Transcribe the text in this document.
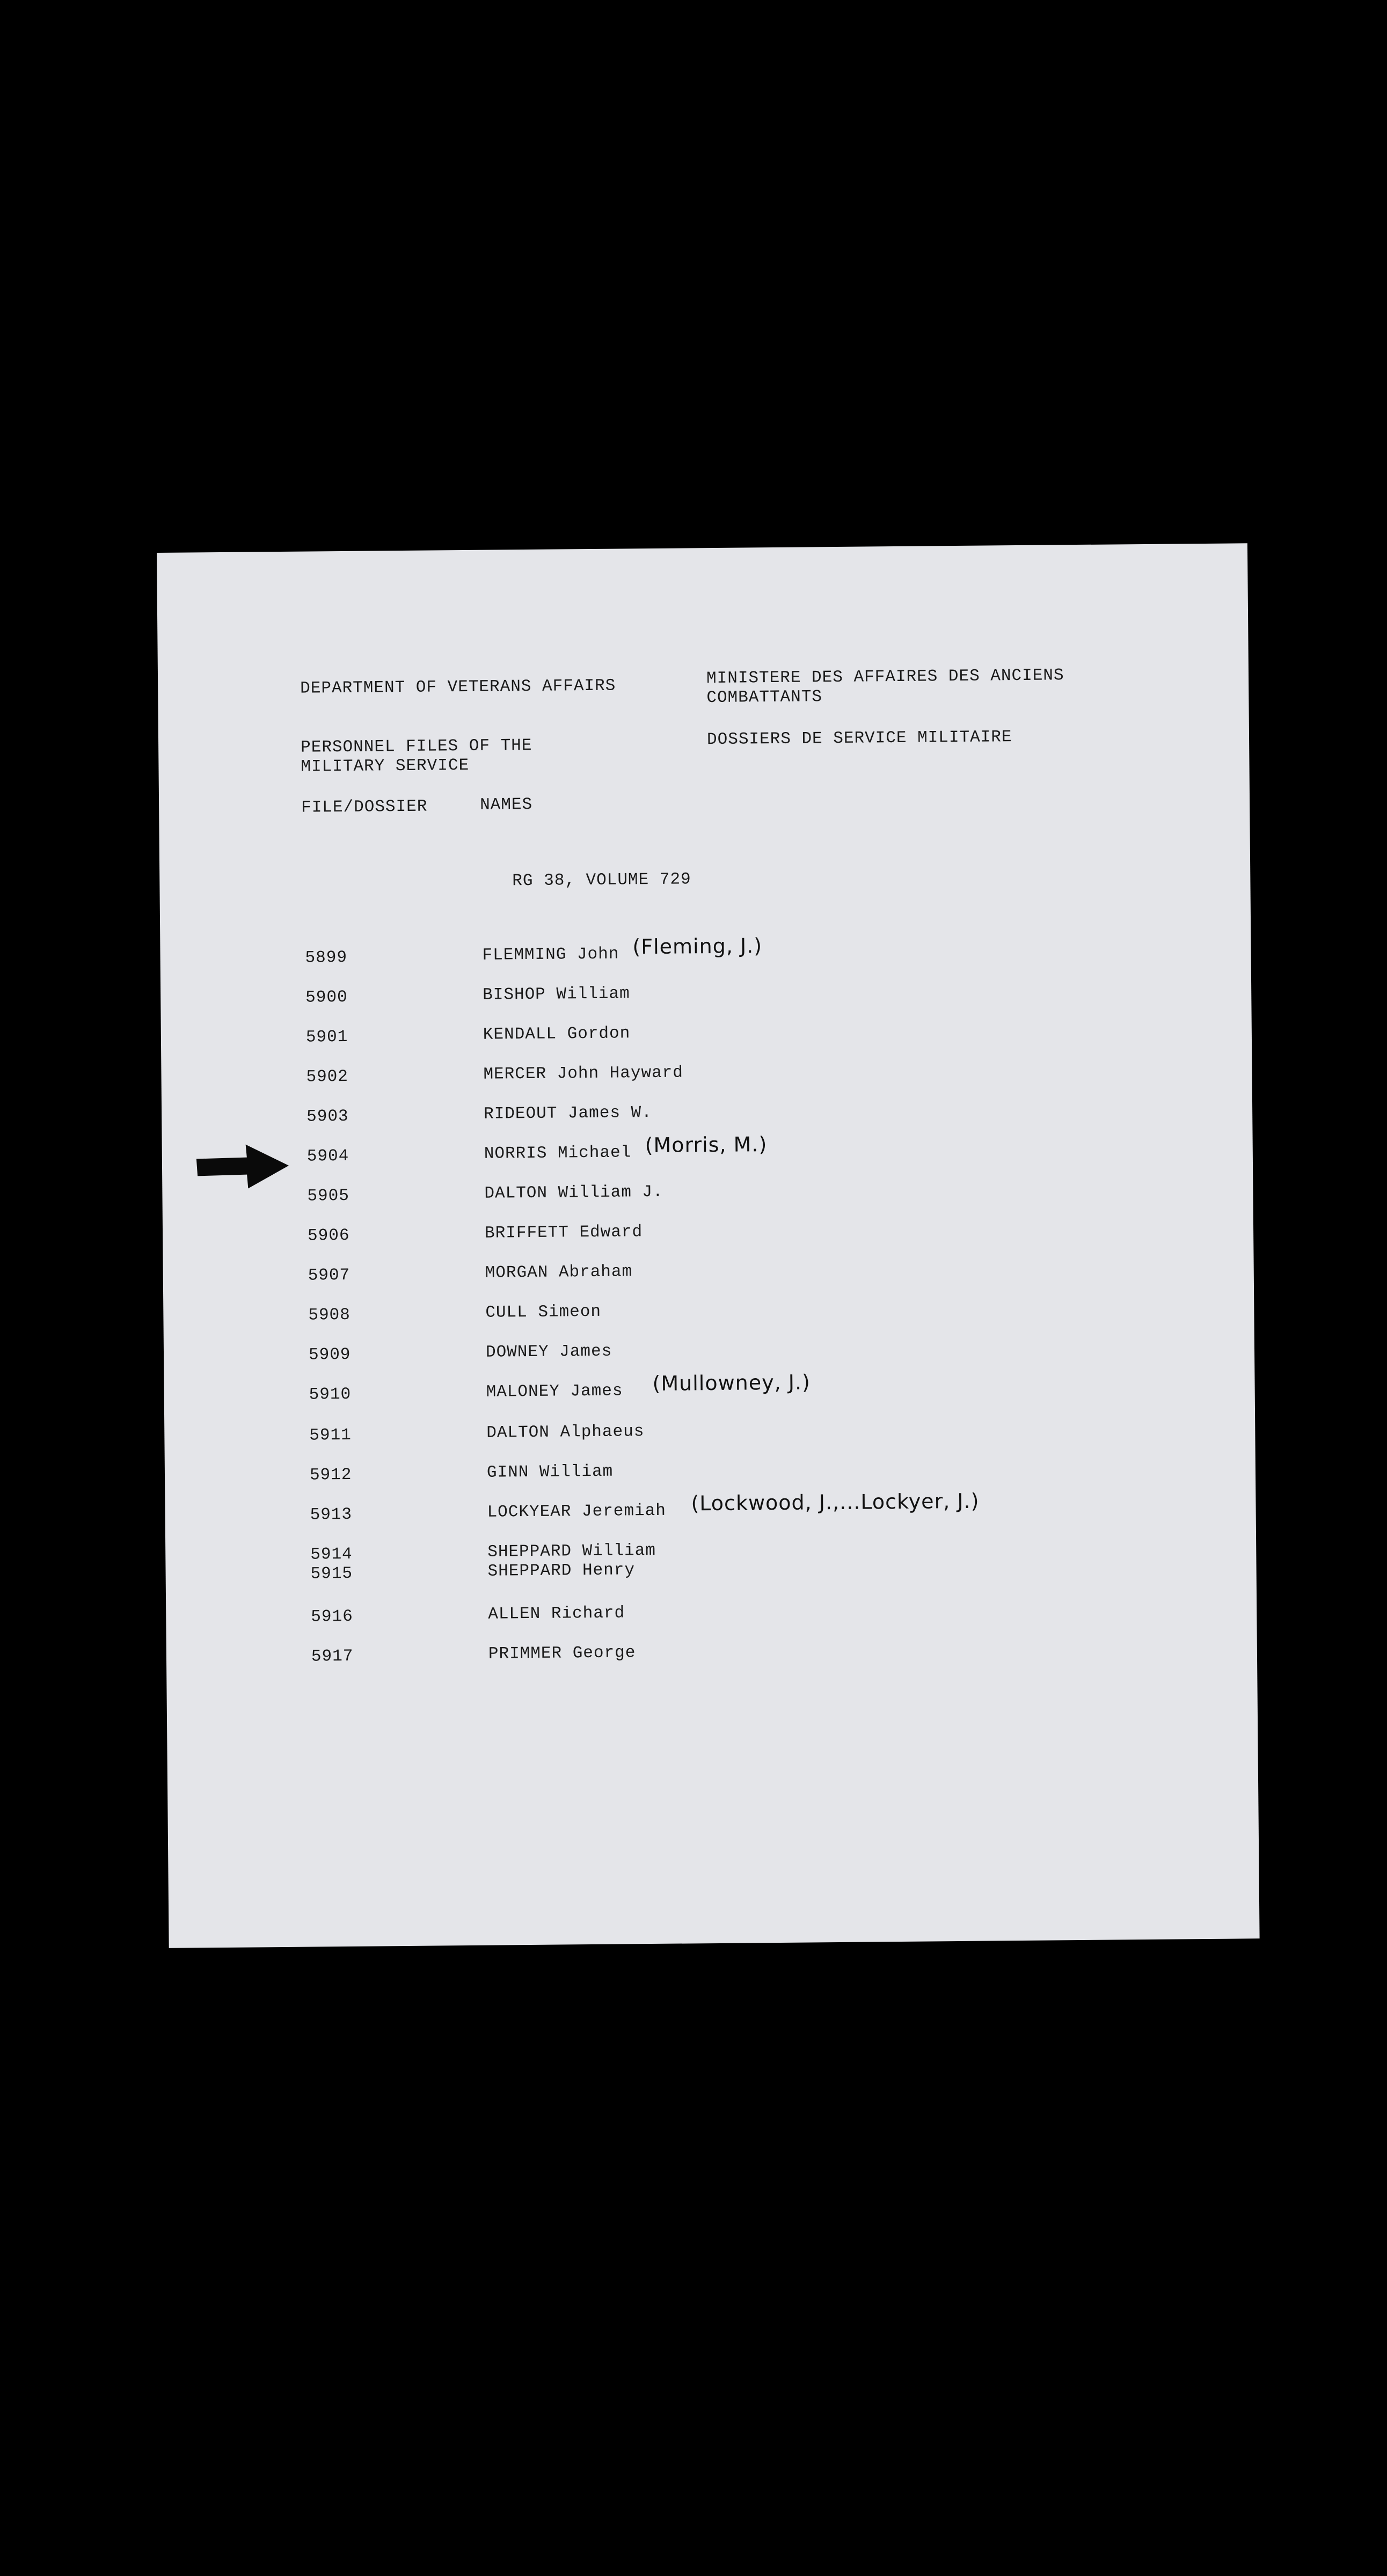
DEPARTMENT OF VETERANS AFFAIRS	MINISTERE DES AFFAIRES DES ANCIENS
COMBATTANTS
PERSONNEL FILES OF THE
MILITARY SERVICE
DOSSIERS DE SERVICE MILITAIRE
FILE/DOSSIER	NAMES
RG 38, VOLUME 729
5899	FLEMMING John (Fleming, J.)
5900	BISHOP William
5901	KENDALL Gordon
5902	MERCER John Hayward
5903	RIDEOUT James W.
5904	NORRIS Michael (Morris, M.)
5905	DALTON William J.
5906	BRIFFETT Edward
5907	MORGAN Abraham
5908	CULL Simeon
5909	DOWNEY James
5910	MALONEY James (Mullowney, J.)
5911	DALTON Alphaeus
5912	GINN William
5913	LOCKYEAR Jeremiah (Lockwood, J.,...Lockyer, J.)
5914	SHEPPARD William
5915	SHEPPARD Henry
5916	ALLEN Richard
5917	PRIMMER George
